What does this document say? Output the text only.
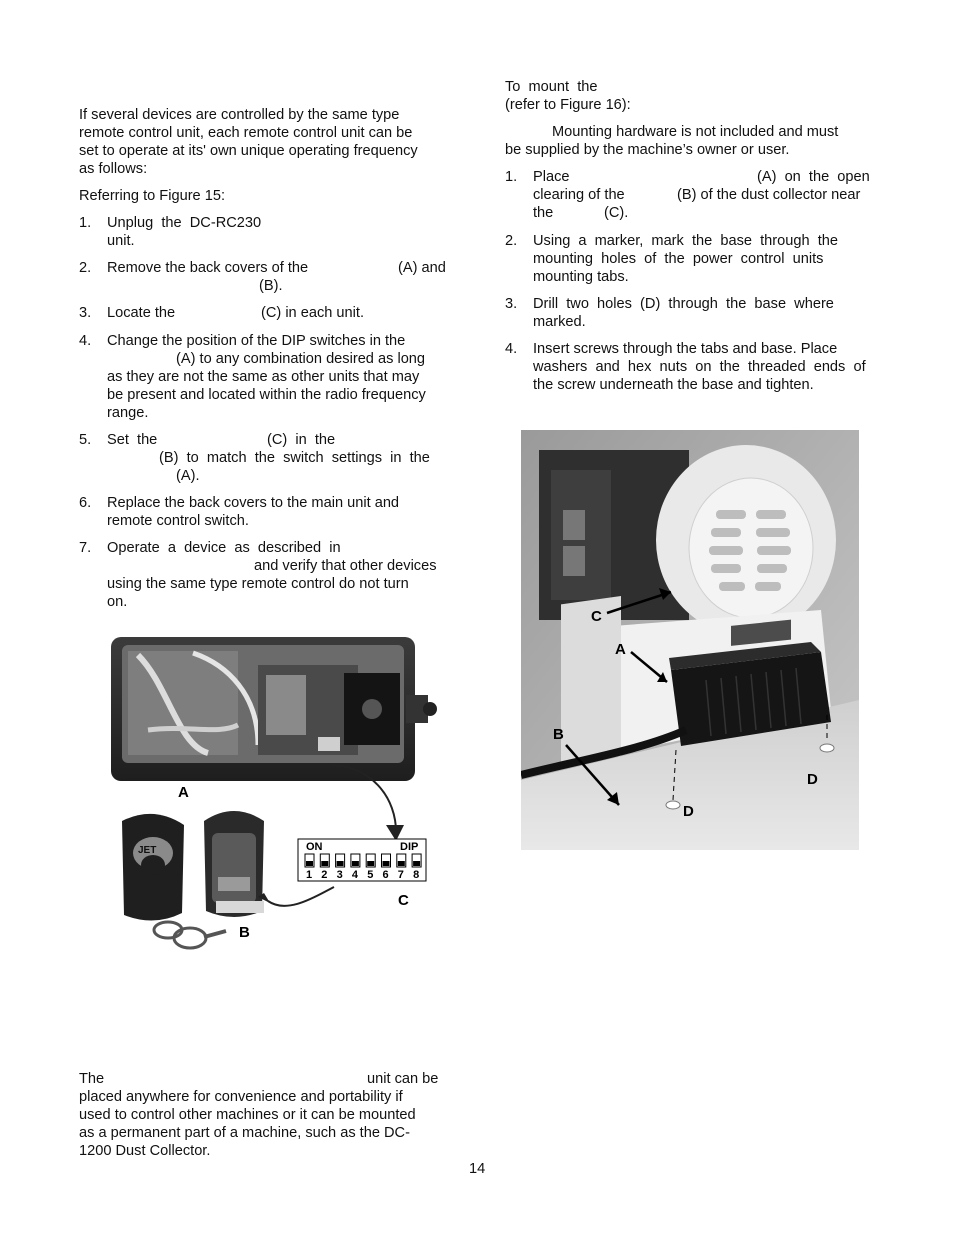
If several devices are controlled by the same type
remote control unit, each remote control unit can be
set to operate at its' own unique operating frequency
as follows:
Referring to Figure 15:
1. Unplug  the  DC-RC230
unit.
2. Remove the back covers of the	(A) and
(B).
3. Locate the	(C) in each unit.
4. Change the position of the DIP switches in the
(A) to any combination desired as long
as they are not the same as other units that may
be present and located within the radio frequency
range.
5. Set  the	(C)  in  the
(B)  to  match  the  switch  settings  in  the
(A).
6. Replace the back covers to the main unit and
remote control switch.
7. Operate  a  device  as  described  in
and verify that other devices
using the same type remote control do not turn
on.
A
JET
B
ON	DIP
1 2 3 4 5 6 7 8
C
The	unit can be
placed anywhere for convenience and portability if
used to control other machines or it can be mounted
as a permanent part of a machine, such as the DC-
1200 Dust Collector.
To  mount  the
(refer to Figure 16):
Mounting hardware is not included and must
be supplied by the machine’s owner or user.
1. Place	(A)  on  the  open
clearing of the	(B) of the dust collector near
the	(C).
2. Using  a  marker,  mark  the  base  through  the
mounting  holes  of  the  power  control  units
mounting tabs.
3. Drill  two  holes  (D)  through  the  base  where
marked.
4. Insert screws through the tabs and base. Place
washers  and  hex  nuts  on  the  threaded  ends  of
the screw underneath the base and tighten.
C
A
B
D
D
14
